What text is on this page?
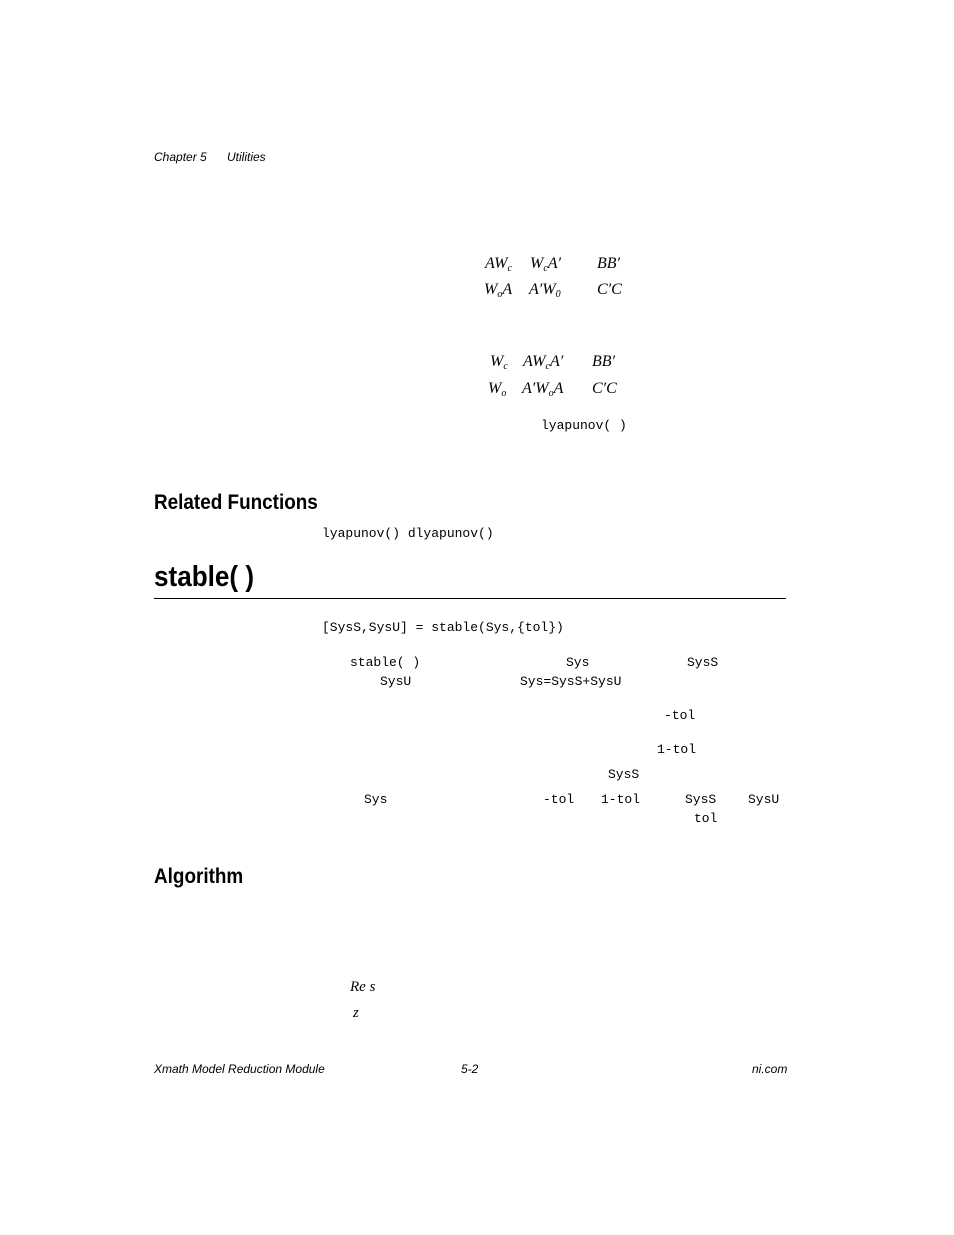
Chapter 5 Utilities
$AW_c$ $W_cA'$ BB′
$W_oA$ $A'W_0$ C′C
$W_c$ $AW_cA'$ BB′
$W_o$ $A'W_oA$ C′C
lyapunov( )
Related Functions
lyapunov() dlyapunov()
stable( )
[SysS,SysU] = stable(Sys,{tol})
stable( )	Sys	SysS
SysU	Sys=SysS+SysU
-tol
1-tol
SysS
Sys	-tol 1-tol	SysS SysU
tol
Algorithm
Re s
z
Xmath Model Reduction Module	5-2	ni.com
